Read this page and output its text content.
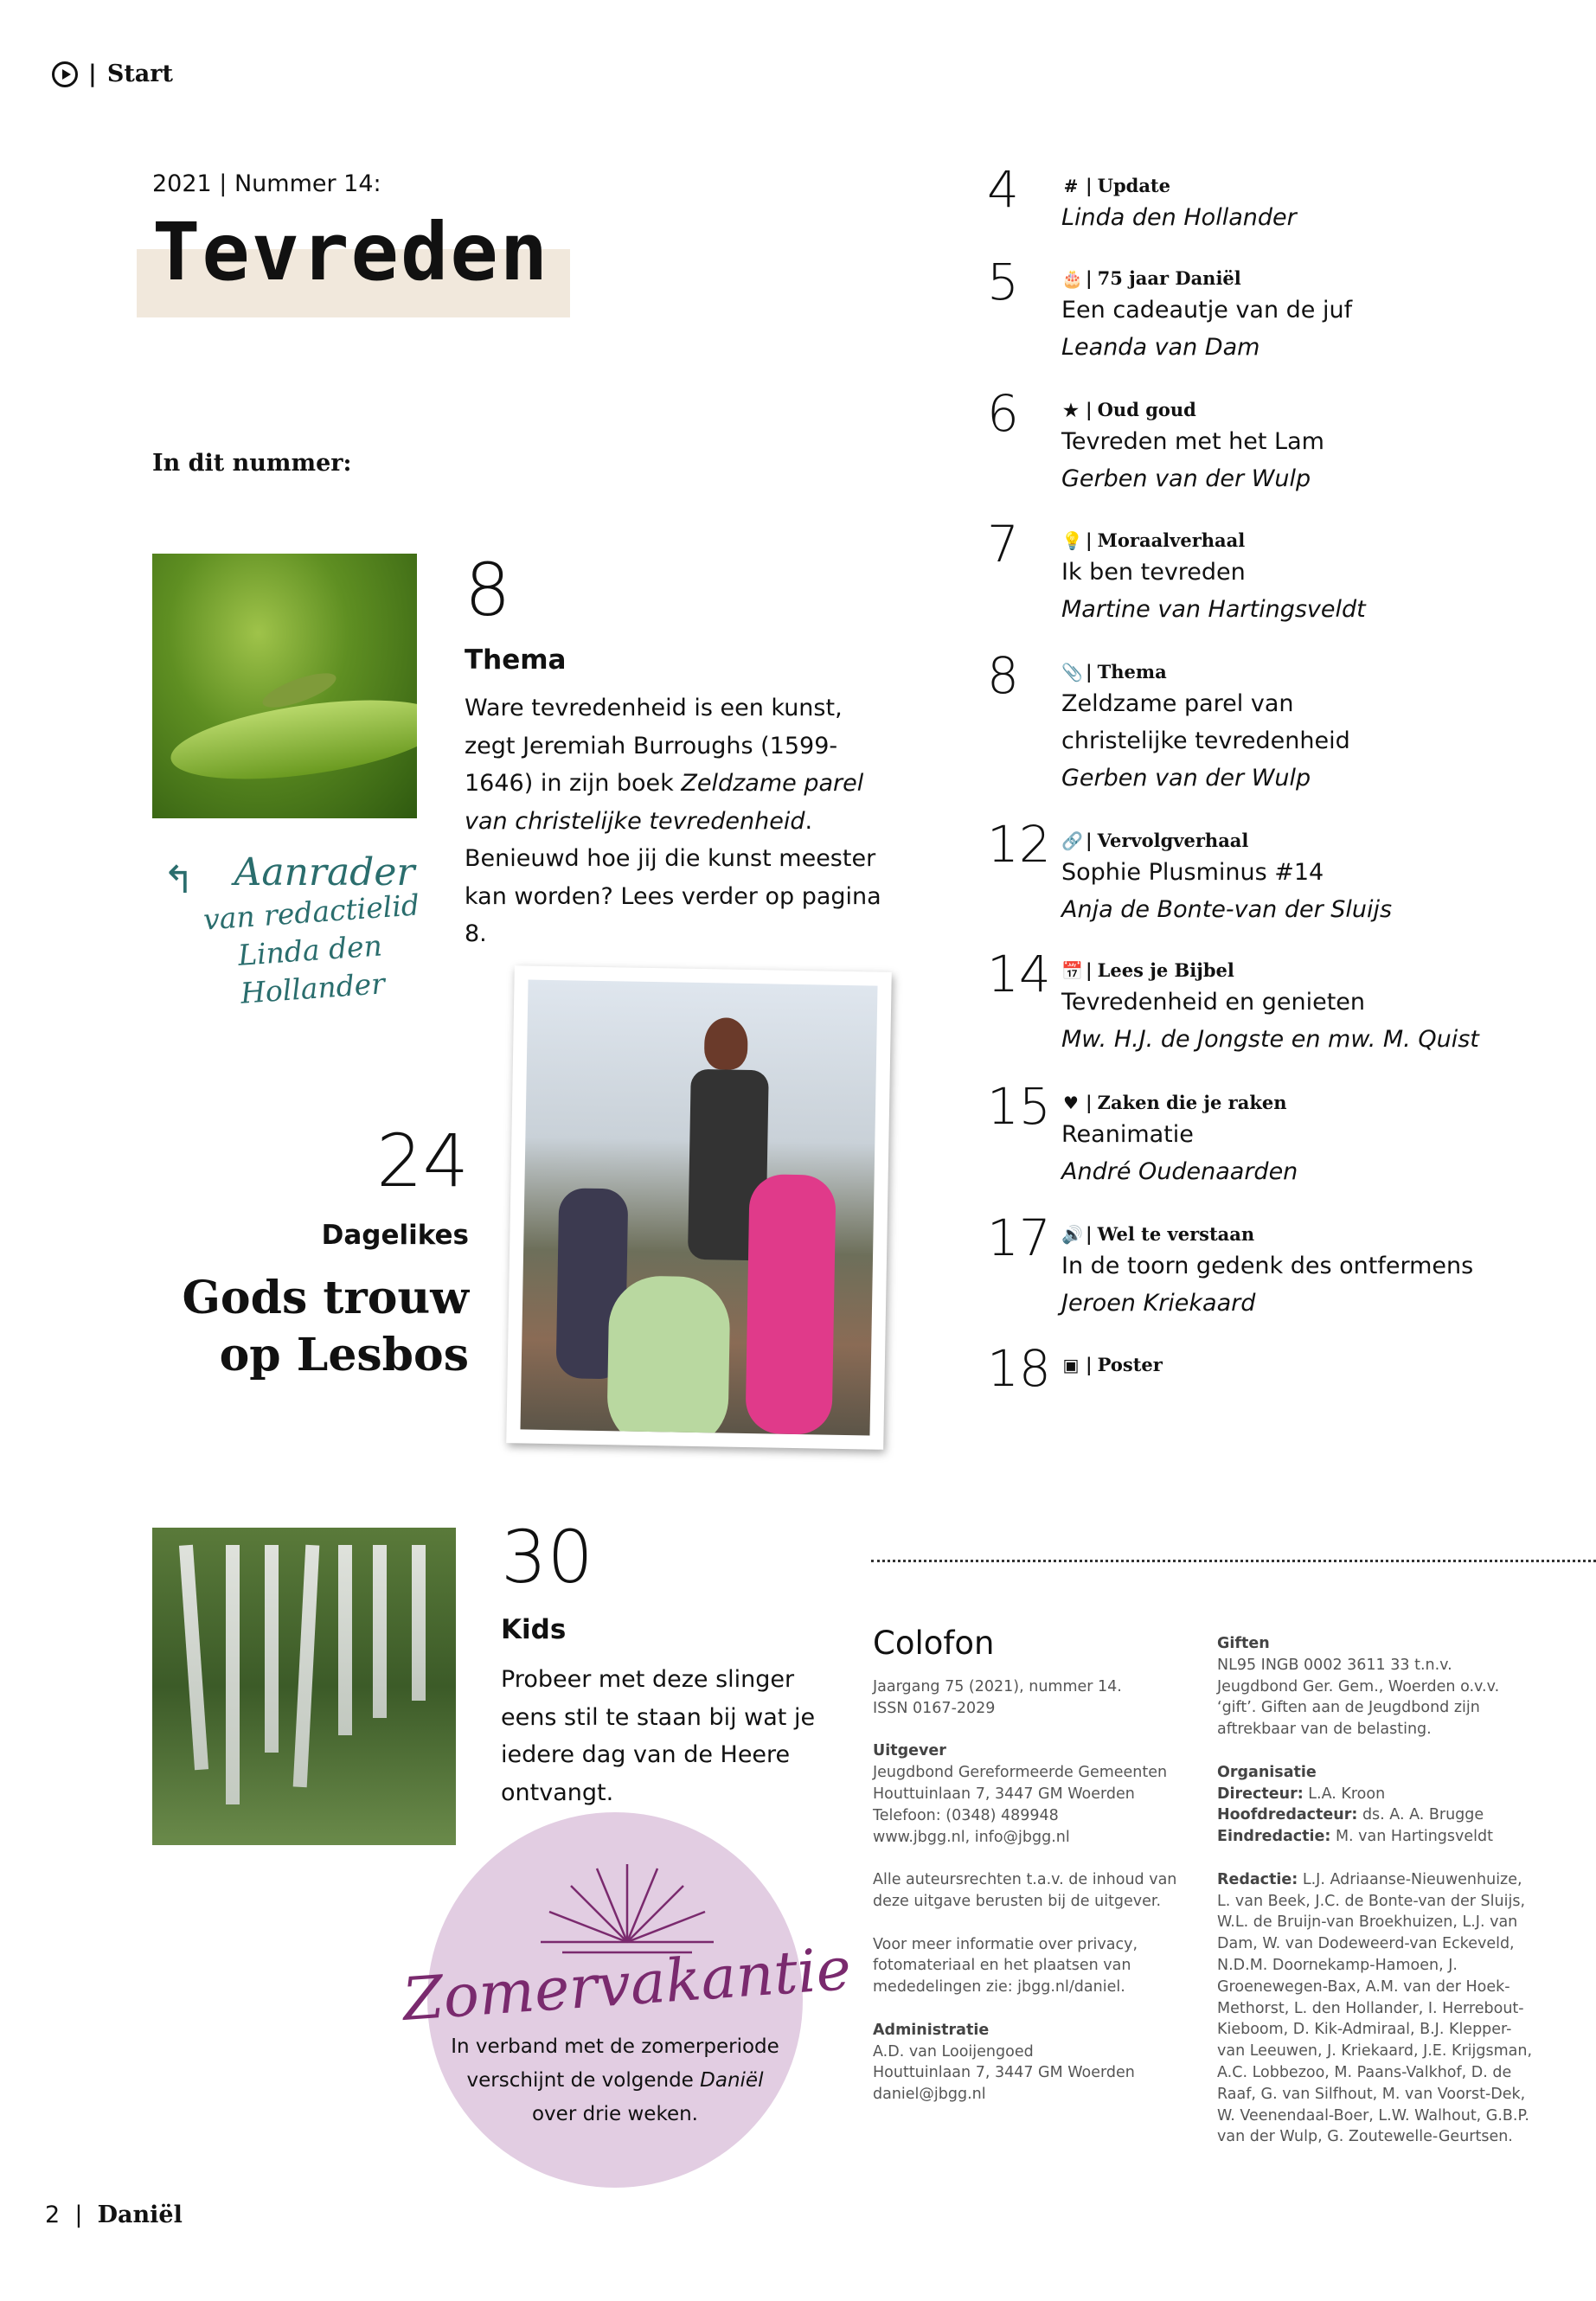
| Start
2021 | Nummer 14:
Tevreden
In dit nummer:
8
Thema
Ware tevredenheid is een kunst, zegt Jeremiah Burroughs (1599-1646) in zijn boek Zeldzame parel van christelijke tevredenheid. Benieuwd hoe jij die kunst meester kan worden? Lees verder op pagina 8.
Aanrader
van redactielid
Linda den Hollander
↰
24
Dagelikes
Gods trouw
op Lesbos
30
Kids
Probeer met deze slinger eens stil te staan bij wat je iedere dag van de Heere ontvangt.
Zomervakantie
In verband met de zomerperiode verschijnt de volgende Daniël over drie weken.
Colofon
Jaargang 75 (2021), nummer 14.
ISSN 0167-2029

Uitgever
Jeugdbond Gereformeerde Gemeenten
Houttuinlaan 7, 3447 GM Woerden
Telefoon: (0348) 489948
www.jbgg.nl, info@jbgg.nl

Alle auteursrechten t.a.v. de inhoud van deze uitgave berusten bij de uitgever.

Voor meer informatie over privacy, fotomateriaal en het plaatsen van mededelingen zie: jbgg.nl/daniel.

Administratie
A.D. van Looijengoed
Houttuinlaan 7, 3447 GM Woerden
daniel@jbgg.nl
Giften
NL95 INGB 0002 3611 33 t.n.v. Jeugdbond Ger. Gem., Woerden o.v.v. ‘gift’. Giften aan de Jeugdbond zijn aftrekbaar van de belasting.

Organisatie
Directeur: L.A. Kroon
Hoofdredacteur: ds. A. A. Brugge
Eindredactie: M. van Hartingsveldt

Redactie: L.J. Adriaanse-Nieuwenhuize, L. van Beek, J.C. de Bonte-van der Sluijs, W.L. de Bruijn-van Broekhuizen, L.J. van Dam, W. van Dodeweerd-van Eckeveld, N.D.M. Doornekamp-Hamoen, J. Groenewegen-Bax, A.M. van der Hoek-Methorst, L. den Hollander, I. Herrebout-Kieboom, D. Kik-Admiraal, B.J. Klepper-van Leeuwen, J. Kriekaard, J.E. Krijgsman, A.C. Lobbezoo, M. Paans-Valkhof, D. de Raaf, G. van Silfhout, M. van Voorst-Dek, W. Veenendaal-Boer, L.W. Walhout, G.B.P. van der Wulp, G. Zoutewelle-Geurtsen.
4	# | Update
Linda den Hollander
5 🎂 | 75 jaar Daniël
Een cadeautje van de juf
Leanda van Dam
6	★ | Oud goud
Tevreden met het Lam
Gerben van der Wulp
7 💡 | Moraalverhaal
Ik ben tevreden
Martine van Hartingsveldt
8 📎 | Thema
Zeldzame parel van christelijke tevredenheid
Gerben van der Wulp
12 🔗 | Vervolgverhaal
Sophie Plusminus #14
Anja de Bonte-van der Sluijs
14 📅 | Lees je Bijbel
Tevredenheid en genieten
Mw. H.J. de Jongste en mw. M. Quist
15 ♥ | Zaken die je raken
Reanimatie
André Oudenaarden
17 🔊 | Wel te verstaan
In de toorn gedenk des ontfermens
Jeroen Kriekaard
18 ▣ | Poster
2  |  Daniël
